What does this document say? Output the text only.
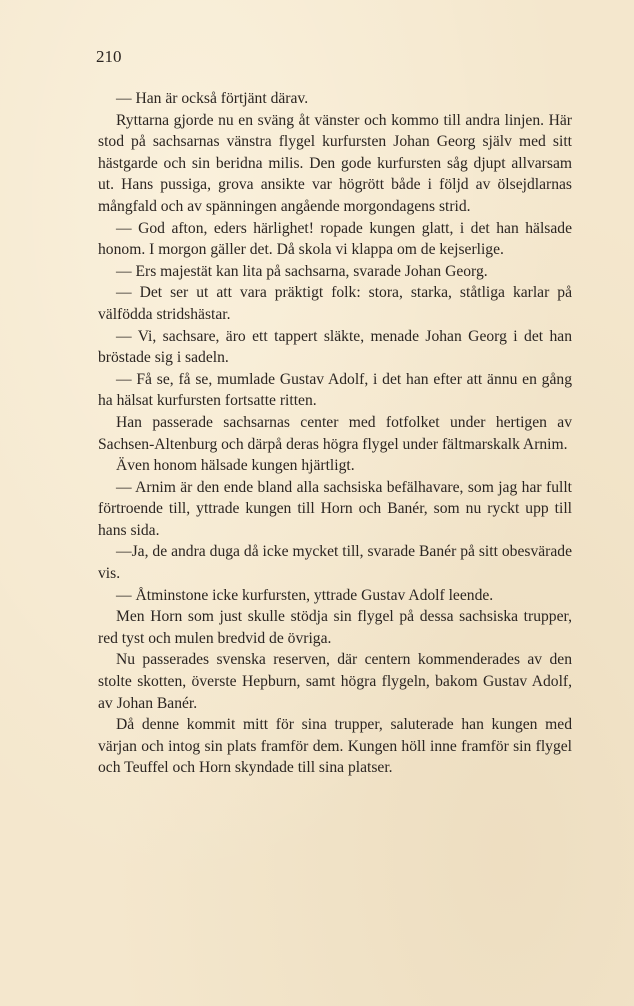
210

— Han är också förtjänt därav.

Ryttarna gjorde nu en sväng åt vänster och kommo till andra linjen. Här stod på sachsarnas vänstra flygel kurfursten Johan Georg själv med sitt hästgarde och sin beridna milis. Den gode kurfursten såg djupt allvarsam ut. Hans pussiga, grova ansikte var högrött både i följd av ölsejdlarnas mångfald och av spänningen angående morgondagens strid.

— God afton, eders härlighet! ropade kungen glatt, i det han hälsade honom. I morgon gäller det. Då skola vi klappa om de kejserlige.

— Ers majestät kan lita på sachsarna, svarade Johan Georg.

— Det ser ut att vara präktigt folk: stora, starka, ståtliga karlar på välfödda stridshästar.

— Vi, sachsare, äro ett tappert släkte, menade Johan Georg i det han bröstade sig i sadeln.

— Få se, få se, mumlade Gustav Adolf, i det han efter att ännu en gång ha hälsat kurfursten fortsatte ritten.

Han passerade sachsarnas center med fotfolket under hertigen av Sachsen-Altenburg och därpå deras högra flygel under fältmarskalk Arnim.

Även honom hälsade kungen hjärtligt.

— Arnim är den ende bland alla sachsiska befälhavare, som jag har fullt förtroende till, yttrade kungen till Horn och Banér, som nu ryckt upp till hans sida.

—Ja, de andra duga då icke mycket till, svarade Banér på sitt obesvärade vis.

— Åtminstone icke kurfursten, yttrade Gustav Adolf leende.

Men Horn som just skulle stödja sin flygel på dessa sachsiska trupper, red tyst och mulen bredvid de övriga.

Nu passerades svenska reserven, där centern kommenderades av den stolte skotten, överste Hepburn, samt högra flygeln, bakom Gustav Adolf, av Johan Banér.

Då denne kommit mitt för sina trupper, saluterade han kungen med värjan och intog sin plats framför dem. Kungen höll inne framför sin flygel och Teuffel och Horn skyndade till sina platser.
